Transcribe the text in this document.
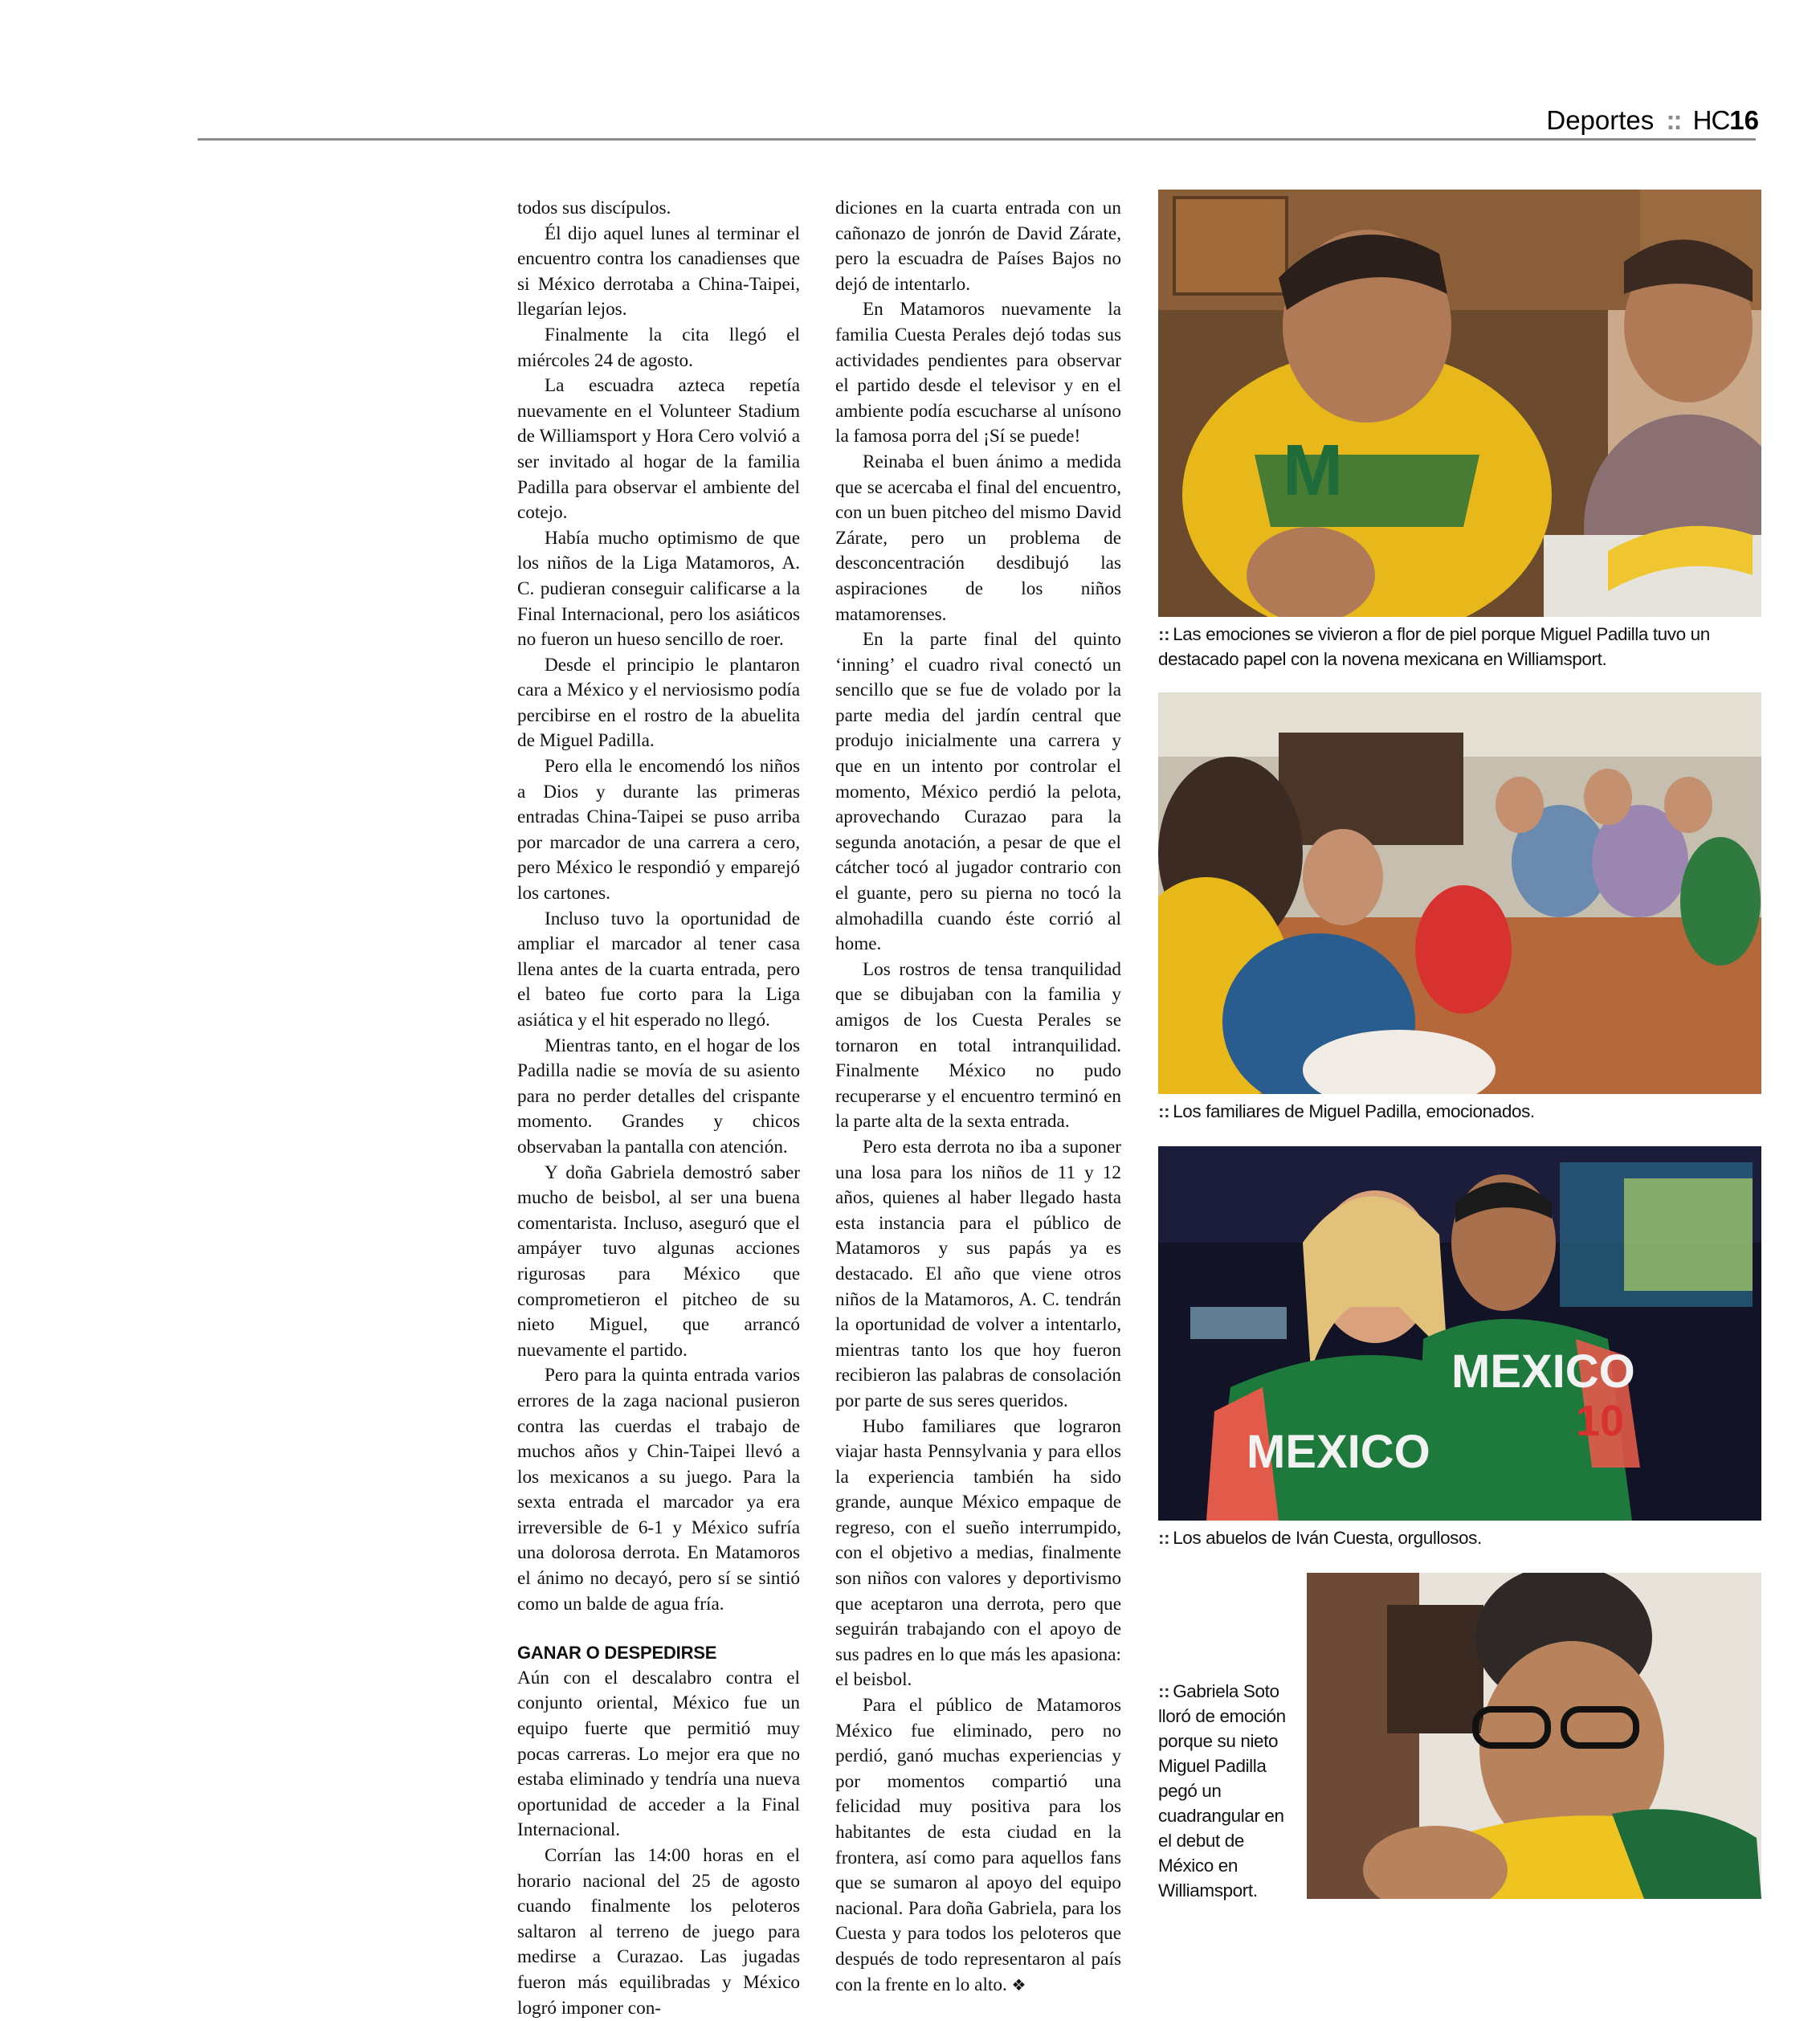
Deportes :: HC16

todos sus discípulos.

Él dijo aquel lunes al terminar el encuentro contra los canadienses que si México derrotaba a China-Taipei, llegarían lejos.

Finalmente la cita llegó el miércoles 24 de agosto.

La escuadra azteca repetía nuevamente en el Volunteer Stadium de Williamsport y Hora Cero volvió a ser invitado al hogar de la familia Padilla para observar el ambiente del cotejo.

Había mucho optimismo de que los niños de la Liga Matamoros, A. C. pudieran conseguir calificarse a la Final Internacional, pero los asiáticos no fueron un hueso sencillo de roer.

Desde el principio le plantaron cara a México y el nerviosismo podía percibirse en el rostro de la abuelita de Miguel Padilla.

Pero ella le encomendó los niños a Dios y durante las primeras entradas China-Taipei se puso arriba por marcador de una carrera a cero, pero México le respondió y emparejó los cartones.

Incluso tuvo la oportunidad de ampliar el marcador al tener casa llena antes de la cuarta entrada, pero el bateo fue corto para la Liga asiática y el hit esperado no llegó.

Mientras tanto, en el hogar de los Padilla nadie se movía de su asiento para no perder detalles del crispante momento. Grandes y chicos observaban la pantalla con atención.

Y doña Gabriela demostró saber mucho de beisbol, al ser una buena comentarista. Incluso, aseguró que el ampáyer tuvo algunas acciones rigurosas para México que comprometieron el pitcheo de su nieto Miguel, que arrancó nuevamente el partido.

Pero para la quinta entrada varios errores de la zaga nacional pusieron contra las cuerdas el trabajo de muchos años y Chin-Taipei llevó a los mexicanos a su juego. Para la sexta entrada el marcador ya era irreversible de 6-1 y México sufría una dolorosa derrota. En Matamoros el ánimo no decayó, pero sí se sintió como un balde de agua fría.

GANAR O DESPEDIRSE

Aún con el descalabro contra el conjunto oriental, México fue un equipo fuerte que permitió muy pocas carreras. Lo mejor era que no estaba eliminado y tendría una nueva oportunidad de acceder a la Final Internacional.

Corrían las 14:00 horas en el horario nacional del 25 de agosto cuando finalmente los peloteros saltaron al terreno de juego para medirse a Curazao. Las jugadas fueron más equilibradas y México logró imponer con-

diciones en la cuarta entrada con un cañonazo de jonrón de David Zárate, pero la escuadra de Países Bajos no dejó de intentarlo.

En Matamoros nuevamente la familia Cuesta Perales dejó todas sus actividades pendientes para observar el partido desde el televisor y en el ambiente podía escucharse al unísono la famosa porra del ¡Sí se puede!

Reinaba el buen ánimo a medida que se acercaba el final del encuentro, con un buen pitcheo del mismo David Zárate, pero un problema de desconcentración desdibujó las aspiraciones de los niños matamorenses.

En la parte final del quinto ‘inning’ el cuadro rival conectó un sencillo que se fue de volado por la parte media del jardín central que produjo inicialmente una carrera y que en un intento por controlar el momento, México perdió la pelota, aprovechando Curazao para la segunda anotación, a pesar de que el cátcher tocó al jugador contrario con el guante, pero su pierna no tocó la almohadilla cuando éste corrió al home.

Los rostros de tensa tranquilidad que se dibujaban con la familia y amigos de los Cuesta Perales se tornaron en total intranquilidad. Finalmente México no pudo recuperarse y el encuentro terminó en la parte alta de la sexta entrada.

Pero esta derrota no iba a suponer una losa para los niños de 11 y 12 años, quienes al haber llegado hasta esta instancia para el público de Matamoros y sus papás ya es destacado. El año que viene otros niños de la Matamoros, A. C. tendrán la oportunidad de volver a intentarlo, mientras tanto los que hoy fueron recibieron las palabras de consolación por parte de sus seres queridos.

Hubo familiares que lograron viajar hasta Pennsylvania y para ellos la experiencia también ha sido grande, aunque México empaque de regreso, con el sueño interrumpido, con el objetivo a medias, finalmente son niños con valores y deportivismo que aceptaron una derrota, pero que seguirán trabajando con el apoyo de sus padres en lo que más les apasiona: el beisbol.

Para el público de Matamoros México fue eliminado, pero no perdió, ganó muchas experiencias y por momentos compartió una felicidad muy positiva para los habitantes de esta ciudad en la frontera, así como para aquellos fans que se sumaron al apoyo del equipo nacional. Para doña Gabriela, para los Cuesta y para todos los peloteros que después de todo representaron al país con la frente en lo alto. ❖

M
:: Las emociones se vivieron a flor de piel porque Miguel Padilla tuvo un destacado papel con la novena mexicana en Williamsport.
:: Los familiares de Miguel Padilla, emocionados.
MEXICO
MEXICO
10
:: Los abuelos de Iván Cuesta, orgullosos.
:: Gabriela Soto lloró de emoción porque su nieto Miguel Padilla pegó un cuadrangular en el debut de México en Williamsport.
